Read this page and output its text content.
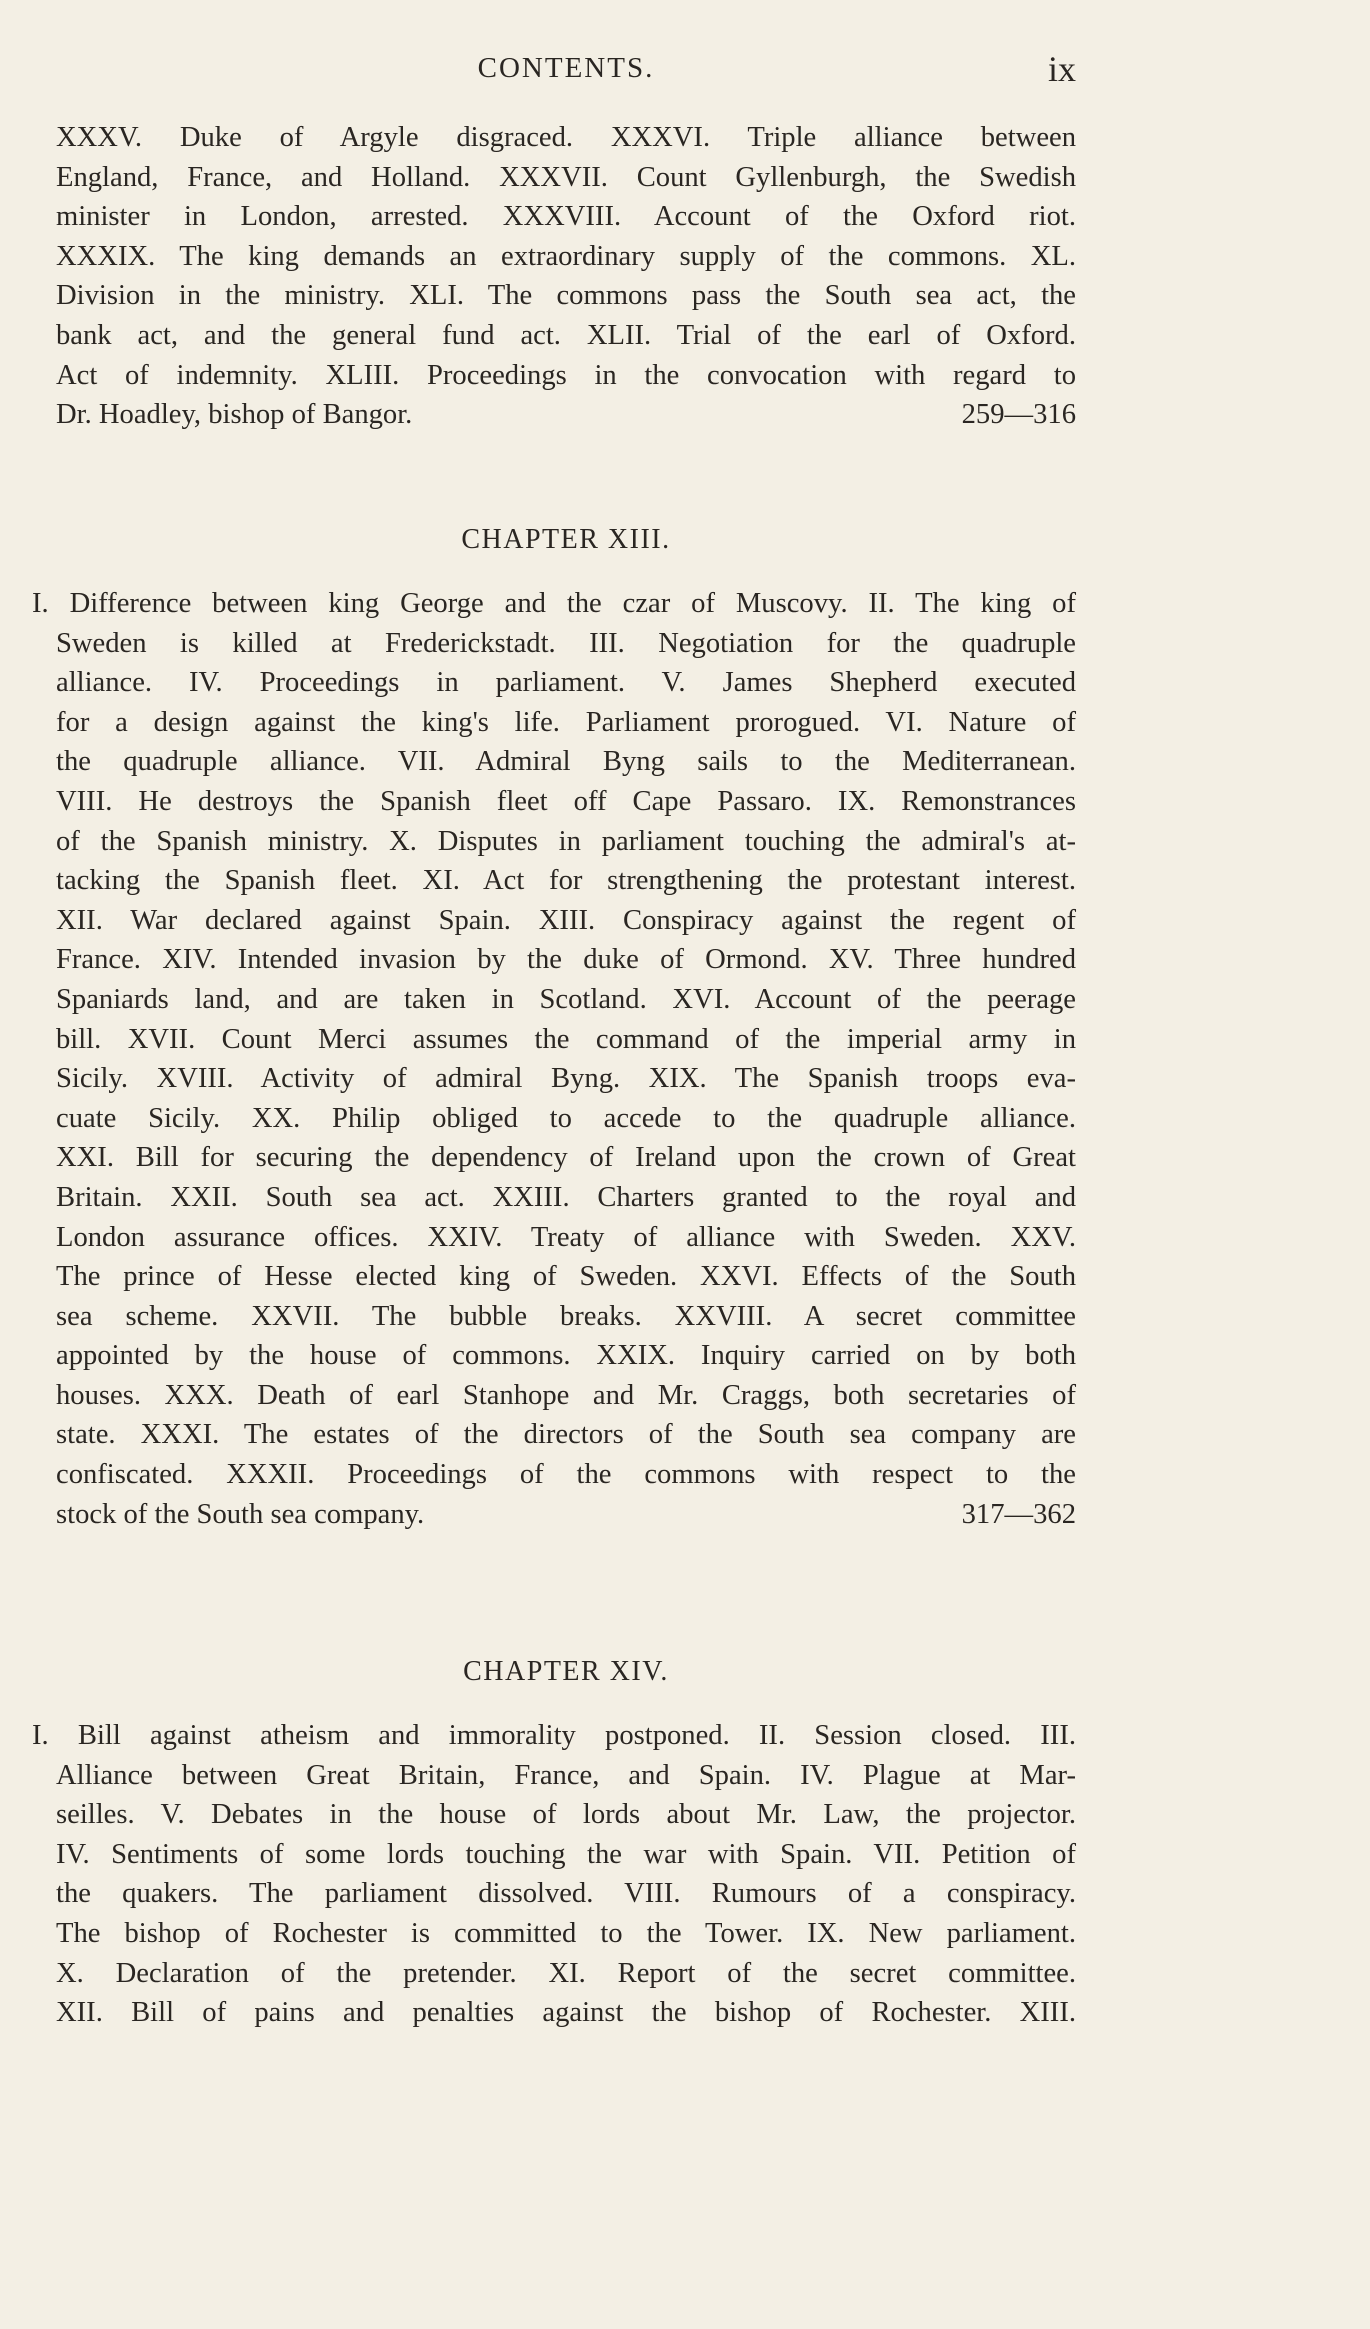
CONTENTS.	ix
XXXV. Duke of Argyle disgraced. XXXVI. Triple alliance between
England, France, and Holland. XXXVII. Count Gyllenburgh, the Swedish
minister in London, arrested. XXXVIII. Account of the Oxford riot.
XXXIX. The king demands an extraordinary supply of the commons. XL.
Division in the ministry. XLI. The commons pass the South sea act, the
bank act, and the general fund act. XLII. Trial of the earl of Oxford.
Act of indemnity. XLIII. Proceedings in the convocation with regard to
Dr. Hoadley, bishop of Bangor.	259—316
CHAPTER XIII.
I. Difference between king George and the czar of Muscovy. II. The king of
Sweden is killed at Frederickstadt. III. Negotiation for the quadruple
alliance. IV. Proceedings in parliament. V. James Shepherd executed
for a design against the king's life. Parliament prorogued. VI. Nature of
the quadruple alliance. VII. Admiral Byng sails to the Mediterranean.
VIII. He destroys the Spanish fleet off Cape Passaro. IX. Remonstrances
of the Spanish ministry. X. Disputes in parliament touching the admiral's at-
tacking the Spanish fleet. XI. Act for strengthening the protestant interest.
XII. War declared against Spain. XIII. Conspiracy against the regent of
France. XIV. Intended invasion by the duke of Ormond. XV. Three hundred
Spaniards land, and are taken in Scotland. XVI. Account of the peerage
bill. XVII. Count Merci assumes the command of the imperial army in
Sicily. XVIII. Activity of admiral Byng. XIX. The Spanish troops eva-
cuate Sicily. XX. Philip obliged to accede to the quadruple alliance.
XXI. Bill for securing the dependency of Ireland upon the crown of Great
Britain. XXII. South sea act. XXIII. Charters granted to the royal and
London assurance offices. XXIV. Treaty of alliance with Sweden. XXV.
The prince of Hesse elected king of Sweden. XXVI. Effects of the South
sea scheme. XXVII. The bubble breaks. XXVIII. A secret committee
appointed by the house of commons. XXIX. Inquiry carried on by both
houses. XXX. Death of earl Stanhope and Mr. Craggs, both secretaries of
state. XXXI. The estates of the directors of the South sea company are
confiscated. XXXII. Proceedings of the commons with respect to the
stock of the South sea company.	317—362
CHAPTER XIV.
I. Bill against atheism and immorality postponed. II. Session closed. III.
Alliance between Great Britain, France, and Spain. IV. Plague at Mar-
seilles. V. Debates in the house of lords about Mr. Law, the projector.
IV. Sentiments of some lords touching the war with Spain. VII. Petition of
the quakers. The parliament dissolved. VIII. Rumours of a conspiracy.
The bishop of Rochester is committed to the Tower. IX. New parliament.
X. Declaration of the pretender. XI. Report of the secret committee.
XII. Bill of pains and penalties against the bishop of Rochester. XIII.
